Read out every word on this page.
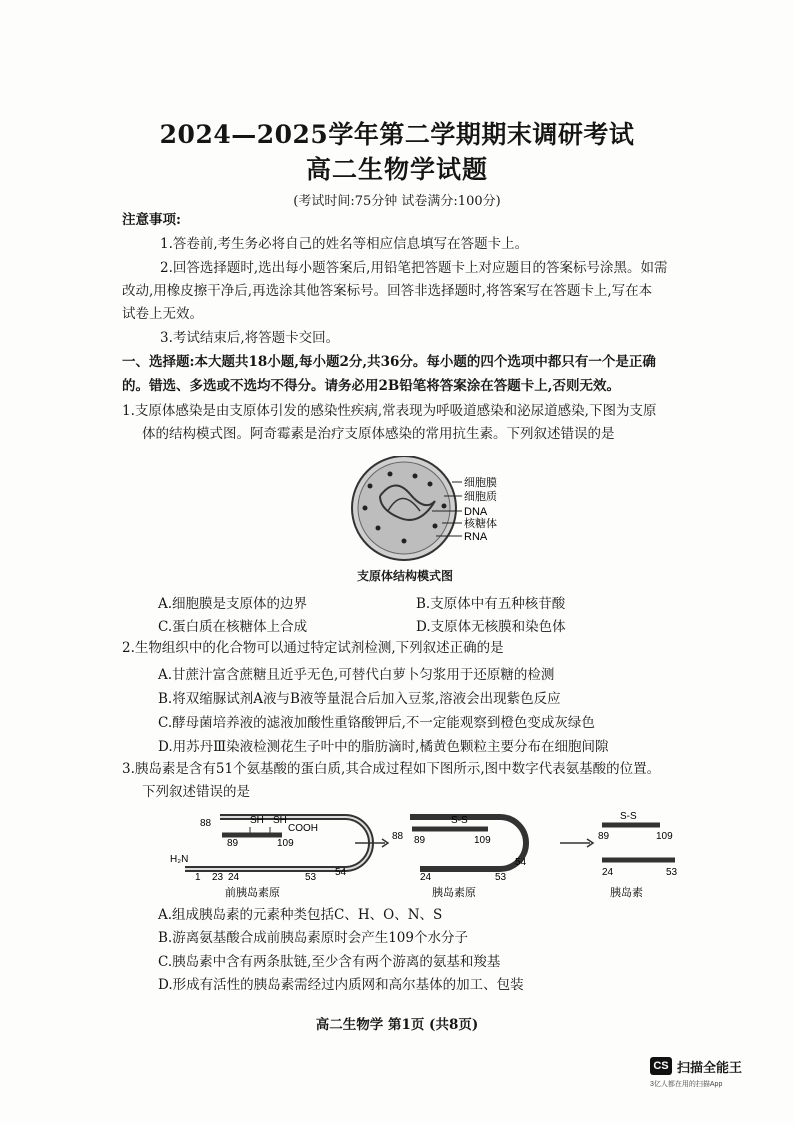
2024—2025学年第二学期期末调研考试
高二生物学试题
(考试时间:75分钟 试卷满分:100分)
注意事项:
1.答卷前,考生务必将自己的姓名等相应信息填写在答题卡上。
2.回答选择题时,选出每小题答案后,用铅笔把答题卡上对应题目的答案标号涂黑。如需
改动,用橡皮擦干净后,再选涂其他答案标号。回答非选择题时,将答案写在答题卡上,写在本
试卷上无效。
3.考试结束后,将答题卡交回。
一、选择题:本大题共18小题,每小题2分,共36分。每小题的四个选项中都只有一个是正确
的。错选、多选或不选均不得分。请务必用2B铅笔将答案涂在答题卡上,否则无效。
1.支原体感染是由支原体引发的感染性疾病,常表现为呼吸道感染和泌尿道感染,下图为支原
体的结构模式图。阿奇霉素是治疗支原体感染的常用抗生素。下列叙述错误的是
细胞膜
细胞质
DNA
核糖体
RNA
支原体结构模式图
A.细胞膜是支原体的边界	B.支原体中有五种核苷酸
C.蛋白质在核糖体上合成	D.支原体无核膜和染色体
2.生物组织中的化合物可以通过特定试剂检测,下列叙述正确的是
A.甘蔗汁富含蔗糖且近乎无色,可替代白萝卜匀浆用于还原糖的检测
B.将双缩脲试剂A液与B液等量混合后加入豆浆,溶液会出现紫色反应
C.酵母菌培养液的滤液加酸性重铬酸钾后,不一定能观察到橙色变成灰绿色
D.用苏丹Ⅲ染液检测花生子叶中的脂肪滴时,橘黄色颗粒主要分布在细胞间隙
3.胰岛素是含有51个氨基酸的蛋白质,其合成过程如下图所示,图中数字代表氨基酸的位置。
下列叙述错误的是
88	SH SH
COOH
89	109
H₂N
1 23 24	53 54
前胰岛素原
S-S
88 89	109
24	53
54
胰岛素原
S-S
89	109
24	53
胰岛素
A.组成胰岛素的元素种类包括C、H、O、N、S
B.游离氨基酸合成前胰岛素原时会产生109个水分子
C.胰岛素中含有两条肽链,至少含有两个游离的氨基和羧基
D.形成有活性的胰岛素需经过内质网和高尔基体的加工、包装
高二生物学 第1页 (共8页)
CS 扫描全能王
3亿人都在用的扫描App
